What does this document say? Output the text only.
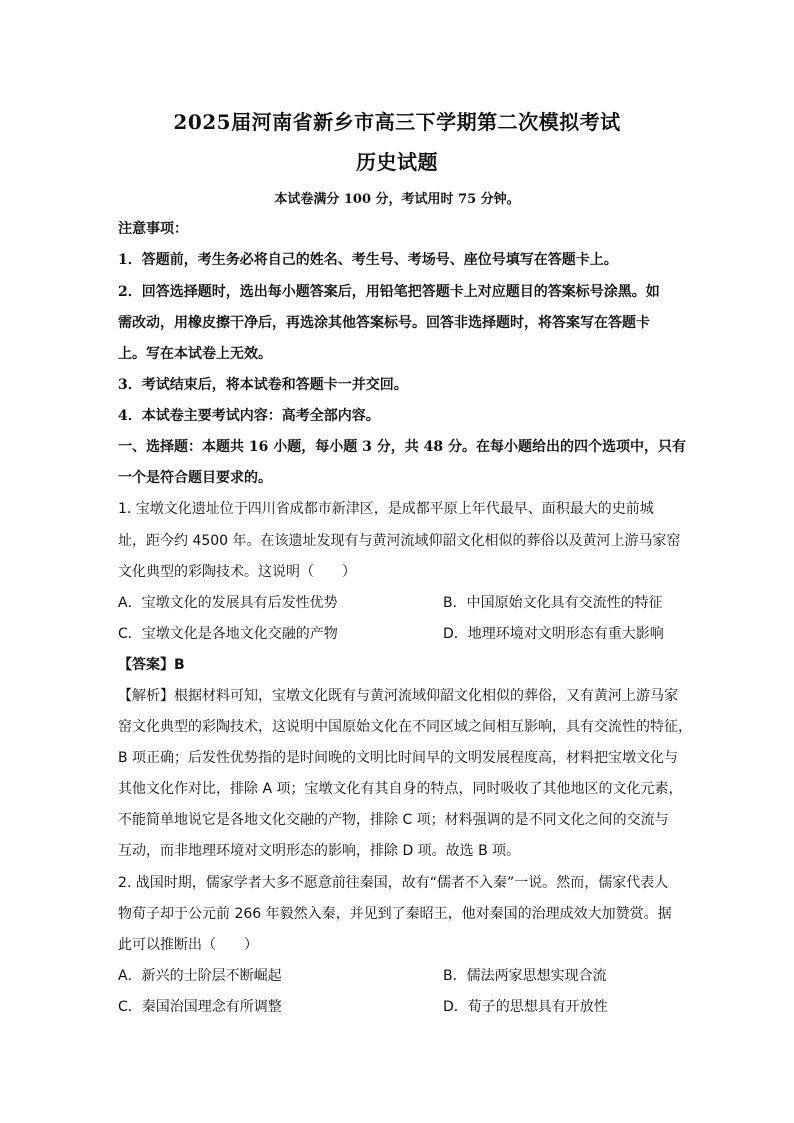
2025届河南省新乡市高三下学期第二次模拟考试
历史试题
本试卷满分 100 分，考试用时 75 分钟。
注意事项：
1．答题前，考生务必将自己的姓名、考生号、考场号、座位号填写在答题卡上。
2．回答选择题时，选出每小题答案后，用铅笔把答题卡上对应题目的答案标号涂黑。如
需改动，用橡皮擦干净后，再选涂其他答案标号。回答非选择题时，将答案写在答题卡
上。写在本试卷上无效。
3．考试结束后，将本试卷和答题卡一并交回。
4．本试卷主要考试内容：高考全部内容。
一、选择题：本题共 16 小题，每小题 3 分，共 48 分。在每小题给出的四个选项中，只有
一个是符合题目要求的。
1. 宝墩文化遗址位于四川省成都市新津区，是成都平原上年代最早、面积最大的史前城
址，距今约 4500 年。在该遗址发现有与黄河流域仰韶文化相似的葬俗以及黄河上游马家窑
文化典型的彩陶技术。这说明（　　）
A．宝墩文化的发展具有后发性优势	B．中国原始文化具有交流性的特征
C．宝墩文化是各地文化交融的产物	D．地理环境对文明形态有重大影响
【答案】B
【解析】根据材料可知，宝墩文化既有与黄河流域仰韶文化相似的葬俗，又有黄河上游马家
窑文化典型的彩陶技术，这说明中国原始文化在不同区域之间相互影响，具有交流性的特征，
B 项正确；后发性优势指的是时间晚的文明比时间早的文明发展程度高，材料把宝墩文化与
其他文化作对比，排除 A 项；宝墩文化有其自身的特点，同时吸收了其他地区的文化元素，
不能简单地说它是各地文化交融的产物，排除 C 项；材料强调的是不同文化之间的交流与
互动，而非地理环境对文明形态的影响，排除 D 项。故选 B 项。
2. 战国时期，儒家学者大多不愿意前往秦国，故有“儒者不入秦”一说。然而，儒家代表人
物荀子却于公元前 266 年毅然入秦，并见到了秦昭王，他对秦国的治理成效大加赞赏。据
此可以推断出（　　）
A．新兴的士阶层不断崛起	B．儒法两家思想实现合流
C．秦国治国理念有所调整	D．荀子的思想具有开放性
